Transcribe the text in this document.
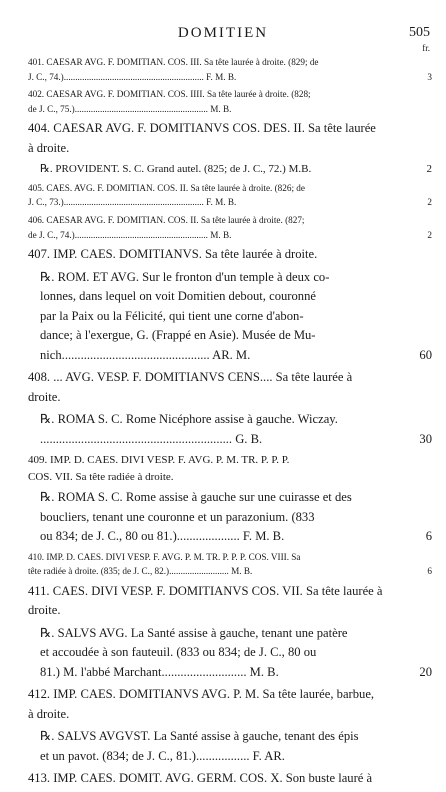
DOMITIEN	505
fr.
401. CAESAR AVG. F. DOMITIAN. COS. III. Sa tête laurée à droite. (829; de
J. C., 74.)............................................................. F. M. B.	3
402. CAESAR AVG. F. DOMITIAN. COS. IIII. Sa tête laurée à droite. (828;
de J. C., 75.).......................................................... M. B.
404. CAESAR AVG. F. DOMITIANVS COS. DES. II. Sa tête laurée
à droite.
℞. PROVIDENT. S. C. Grand autel. (825; de J. C., 72.) M.B.	2
405. CAES. AVG. F. DOMITIAN. COS. II. Sa tête laurée à droite. (826; de
J. C., 73.)............................................................. F. M. B.	2
406. CAESAR AVG. F. DOMITIAN. COS. II. Sa tête laurée à droite. (827;
de J. C., 74.).......................................................... M. B.	2
407. IMP. CAES. DOMITIANVS. Sa tête laurée à droite.
℞. ROM. ET AVG. Sur le fronton d'un temple à deux co-
lonnes, dans lequel on voit Domitien debout, couronné
par la Paix ou la Félicité, qui tient une corne d'abon-
dance; à l'exergue, G. (Frappé en Asie). Musée de Mu-
nich............................................... AR. M.	60
408. ... AVG. VESP. F. DOMITIANVS CENS.... Sa tête laurée à
droite.
℞. ROMA S. C. Rome Nicéphore assise à gauche. Wiczay.
............................................................. G. B.	30
409. IMP. D. CAES. DIVI VESP. F. AVG. P. M. TR. P. P. P.
COS. VII. Sa tête radiée à droite.
℞. ROMA S. C. Rome assise à gauche sur une cuirasse et des
boucliers, tenant une couronne et un parazonium. (833
ou 834; de J. C., 80 ou 81.).................... F. M. B.	6
410. IMP. D. CAES. DIVI VESP. F. AVG. P. M. TR. P. P. P. COS. VIII. Sa
tête radiée à droite. (835; de J. C., 82.).......................... M. B.	6
411. CAES. DIVI VESP. F. DOMITIANVS COS. VII. Sa tête laurée à
droite.
℞. SALVS AVG. La Santé assise à gauche, tenant une patère
et accoudée à son fauteuil. (833 ou 834; de J. C., 80 ou
81.) M. l'abbé Marchant........................... M. B.	20
412. IMP. CAES. DOMITIANVS AVG. P. M. Sa tête laurée, barbue,
à droite.
℞. SALVS AVGVST. La Santé assise à gauche, tenant des épis
et un pavot. (834; de J. C., 81.)................. F. AR.
413. IMP. CAES. DOMIT. AVG. GERM. COS. X. Son buste lauré à
